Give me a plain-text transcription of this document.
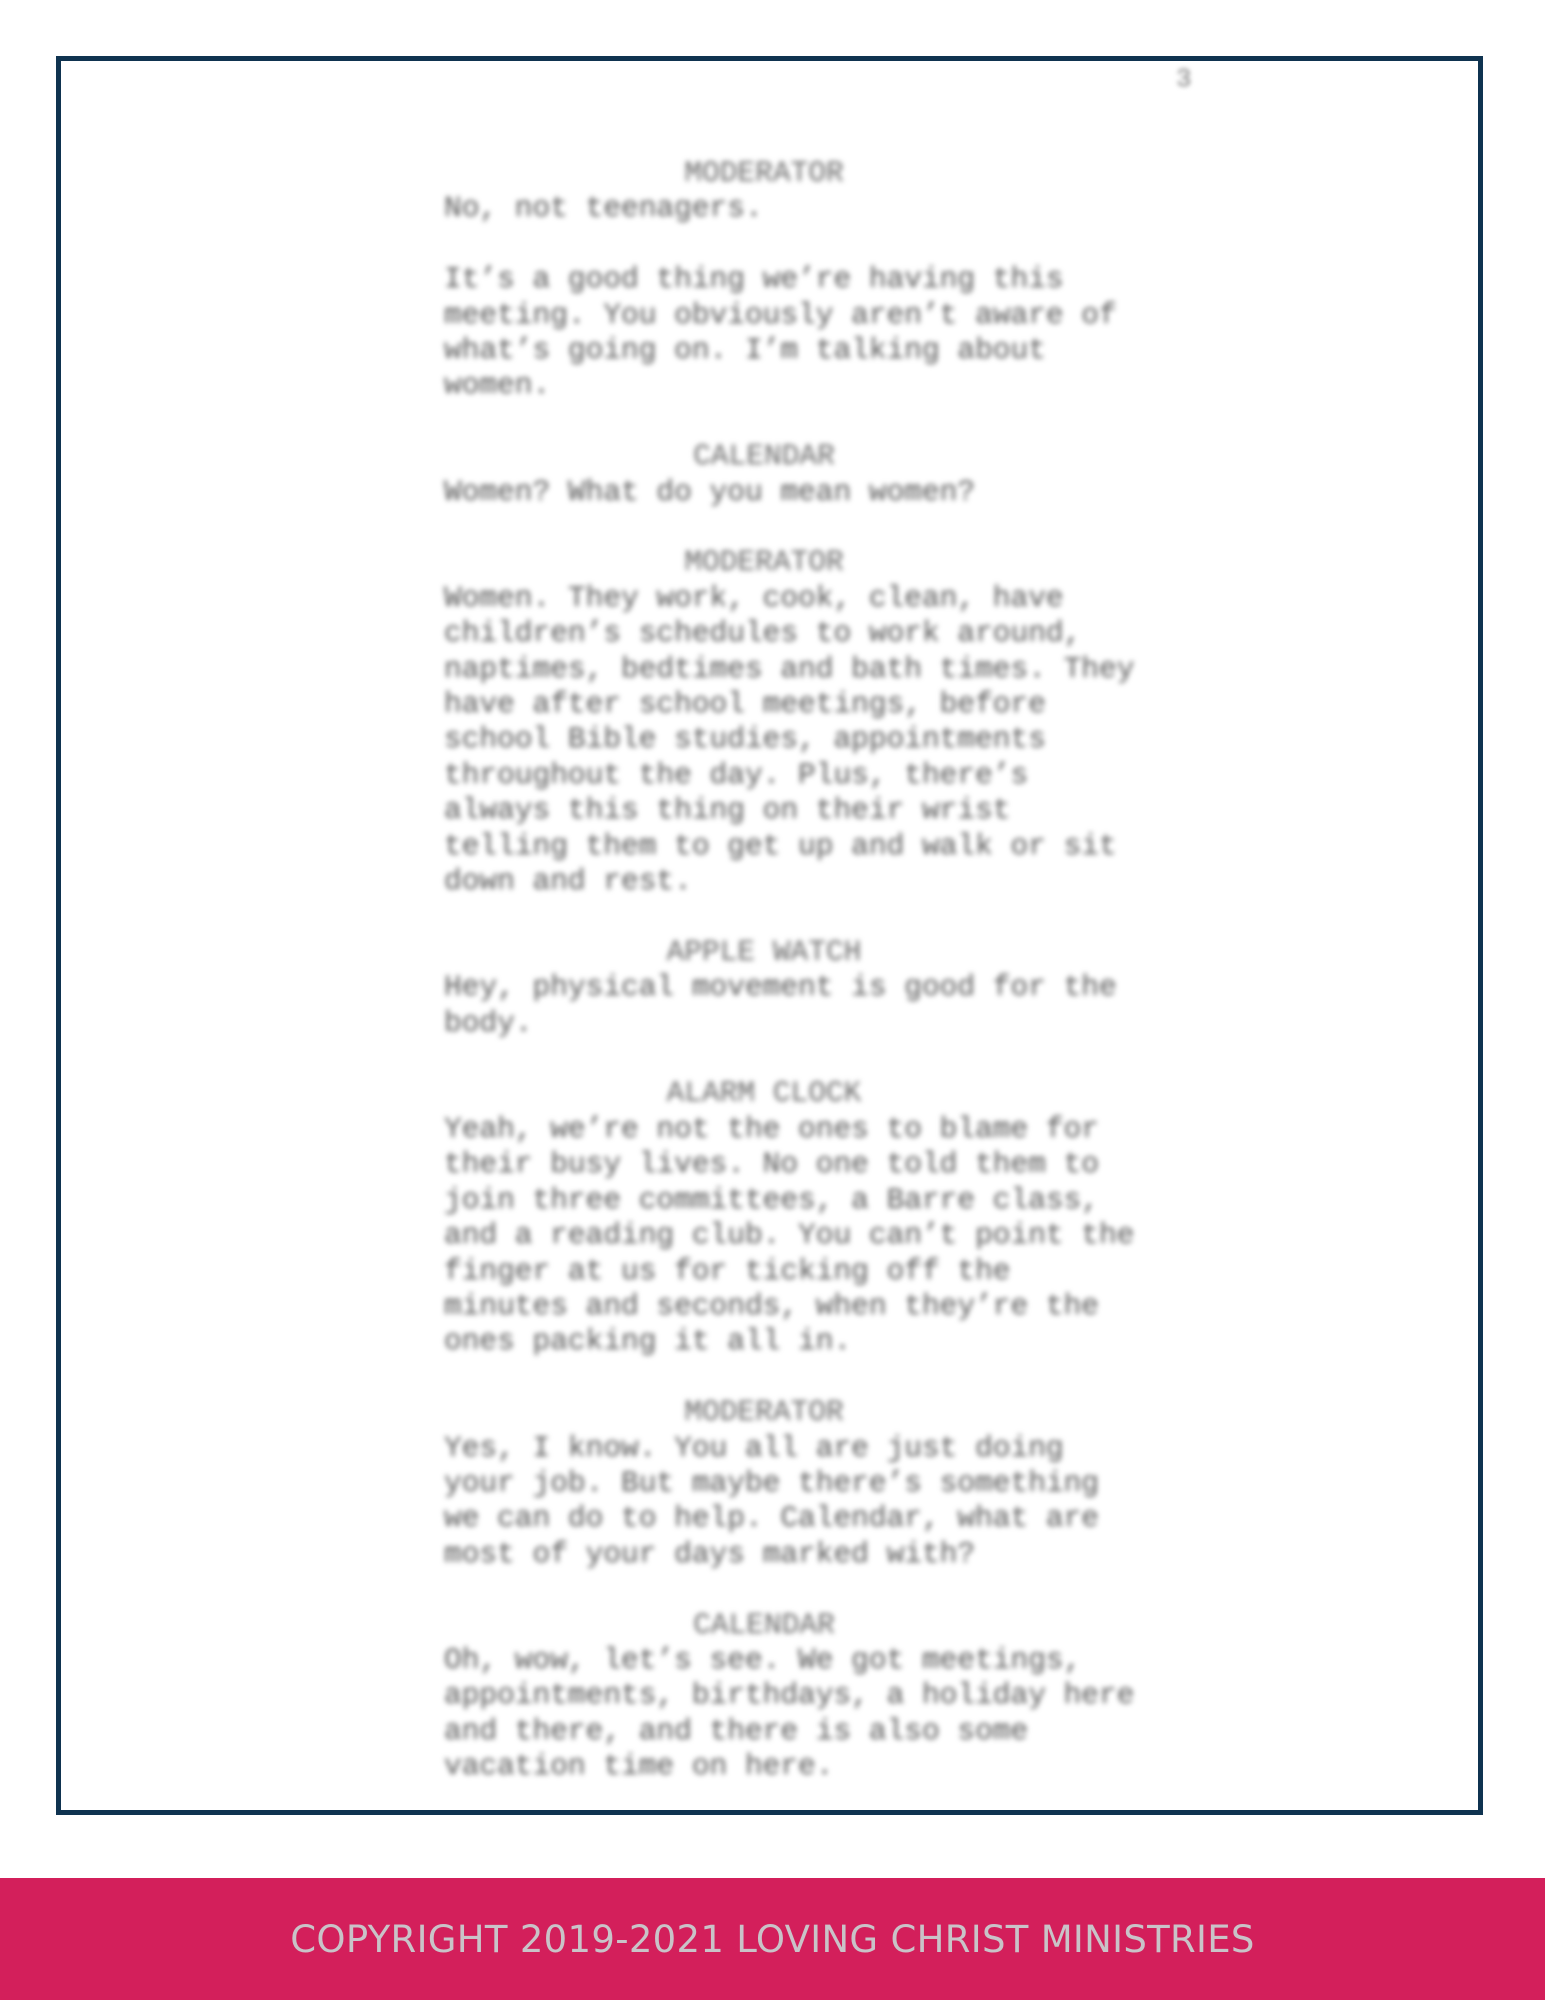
3
MODERATOR
No, not teenagers.
It’s a good thing we’re having this
meeting. You obviously aren’t aware of
what’s going on. I’m talking about
women.
CALENDAR
Women? What do you mean women?
MODERATOR
Women. They work, cook, clean, have
children’s schedules to work around,
naptimes, bedtimes and bath times. They
have after school meetings, before
school Bible studies, appointments
throughout the day. Plus, there’s
always this thing on their wrist
telling them to get up and walk or sit
down and rest.
APPLE WATCH
Hey, physical movement is good for the
body.
ALARM CLOCK
Yeah, we’re not the ones to blame for
their busy lives. No one told them to
join three committees, a Barre class,
and a reading club. You can’t point the
finger at us for ticking off the
minutes and seconds, when they’re the
ones packing it all in.
MODERATOR
Yes, I know. You all are just doing
your job. But maybe there’s something
we can do to help. Calendar, what are
most of your days marked with?
CALENDAR
Oh, wow, let’s see. We got meetings,
appointments, birthdays, a holiday here
and there, and there is also some
vacation time on here.
COPYRIGHT 2019-2021 LOVING CHRIST MINISTRIES
